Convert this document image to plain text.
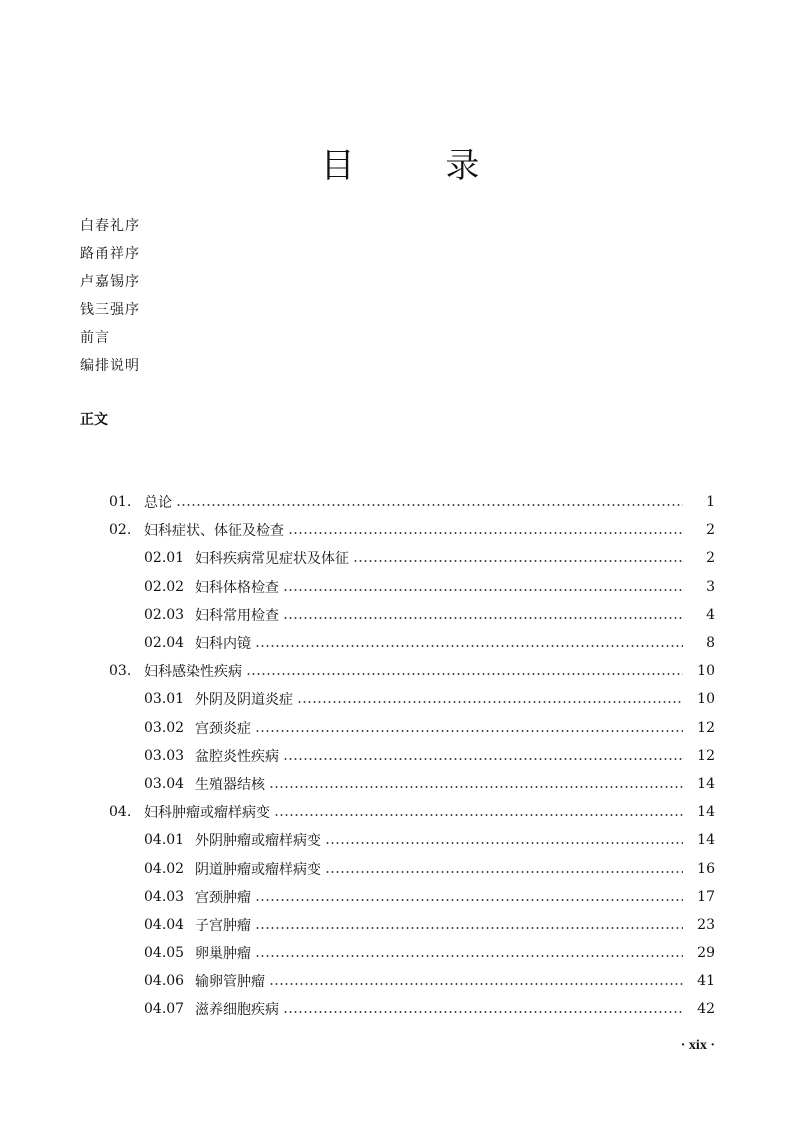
目 录
白春礼序
路甬祥序
卢嘉锡序
钱三强序
前言
编排说明
正文
01. 总论	1
02. 妇科症状、体征及检查	2
02.01 妇科疾病常见症状及体征	2
02.02 妇科体格检查	3
02.03 妇科常用检查	4
02.04 妇科内镜	8
03. 妇科感染性疾病	10
03.01 外阴及阴道炎症	10
03.02 宫颈炎症	12
03.03 盆腔炎性疾病	12
03.04 生殖器结核	14
04. 妇科肿瘤或瘤样病变	14
04.01 外阴肿瘤或瘤样病变	14
04.02 阴道肿瘤或瘤样病变	16
04.03 宫颈肿瘤	17
04.04 子宫肿瘤	23
04.05 卵巢肿瘤	29
04.06 输卵管肿瘤	41
04.07 滋养细胞疾病	42
· xix ·
